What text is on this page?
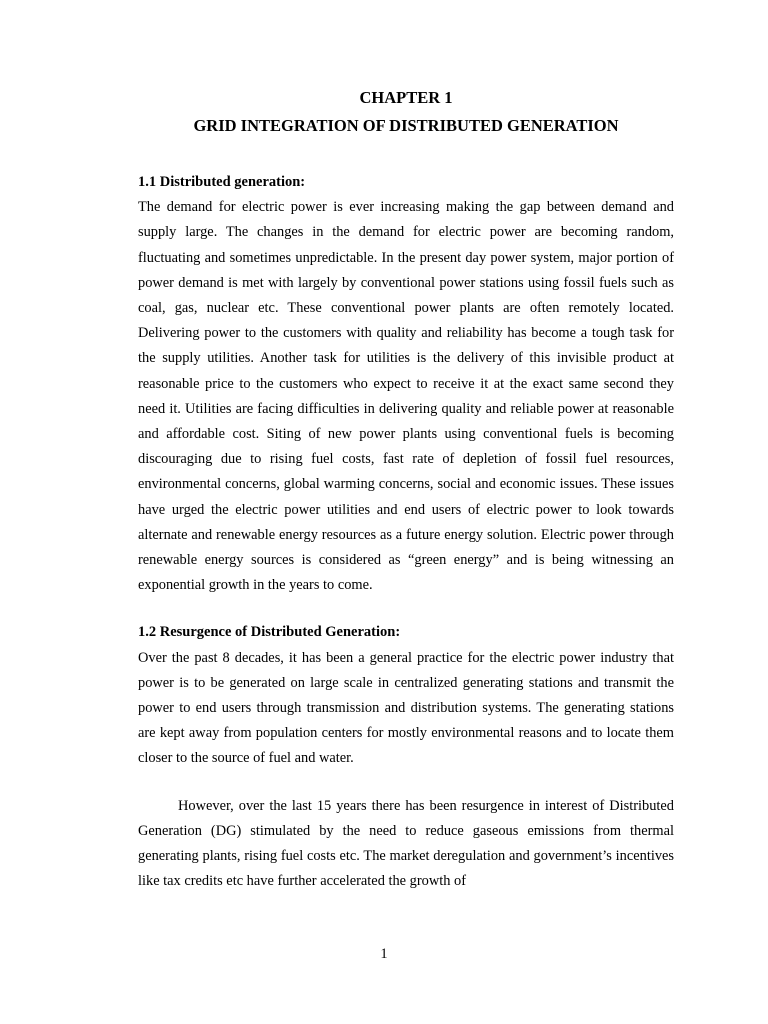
CHAPTER 1

GRID INTEGRATION OF DISTRIBUTED GENERATION

1.1 Distributed generation:

The demand for electric power is ever increasing making the gap between demand and supply large. The changes in the demand for electric power are becoming random, fluctuating and sometimes unpredictable. In the present day power system, major portion of power demand is met with largely by conventional power stations using fossil fuels such as coal, gas, nuclear etc. These conventional power plants are often remotely located. Delivering power to the customers with quality and reliability has become a tough task for the supply utilities. Another task for utilities is the delivery of this invisible product at reasonable price to the customers who expect to receive it at the exact same second they need it. Utilities are facing difficulties in delivering quality and reliable power at reasonable and affordable cost. Siting of new power plants using conventional fuels is becoming discouraging due to rising fuel costs, fast rate of depletion of fossil fuel resources, environmental concerns, global warming concerns, social and economic issues. These issues have urged the electric power utilities and end users of electric power to look towards alternate and renewable energy resources as a future energy solution. Electric power through renewable energy sources is considered as “green energy” and is being witnessing an exponential growth in the years to come.

1.2 Resurgence of Distributed Generation:

Over the past 8 decades, it has been a general practice for the electric power industry that power is to be generated on large scale in centralized generating stations and transmit the power to end users through transmission and distribution systems. The generating stations are kept away from population centers for mostly environmental reasons and to locate them closer to the source of fuel and water.

However, over the last 15 years there has been resurgence in interest of Distributed Generation (DG) stimulated by the need to reduce gaseous emissions from thermal generating plants, rising fuel costs etc. The market deregulation and government’s incentives like tax credits etc have further accelerated the growth of

1
